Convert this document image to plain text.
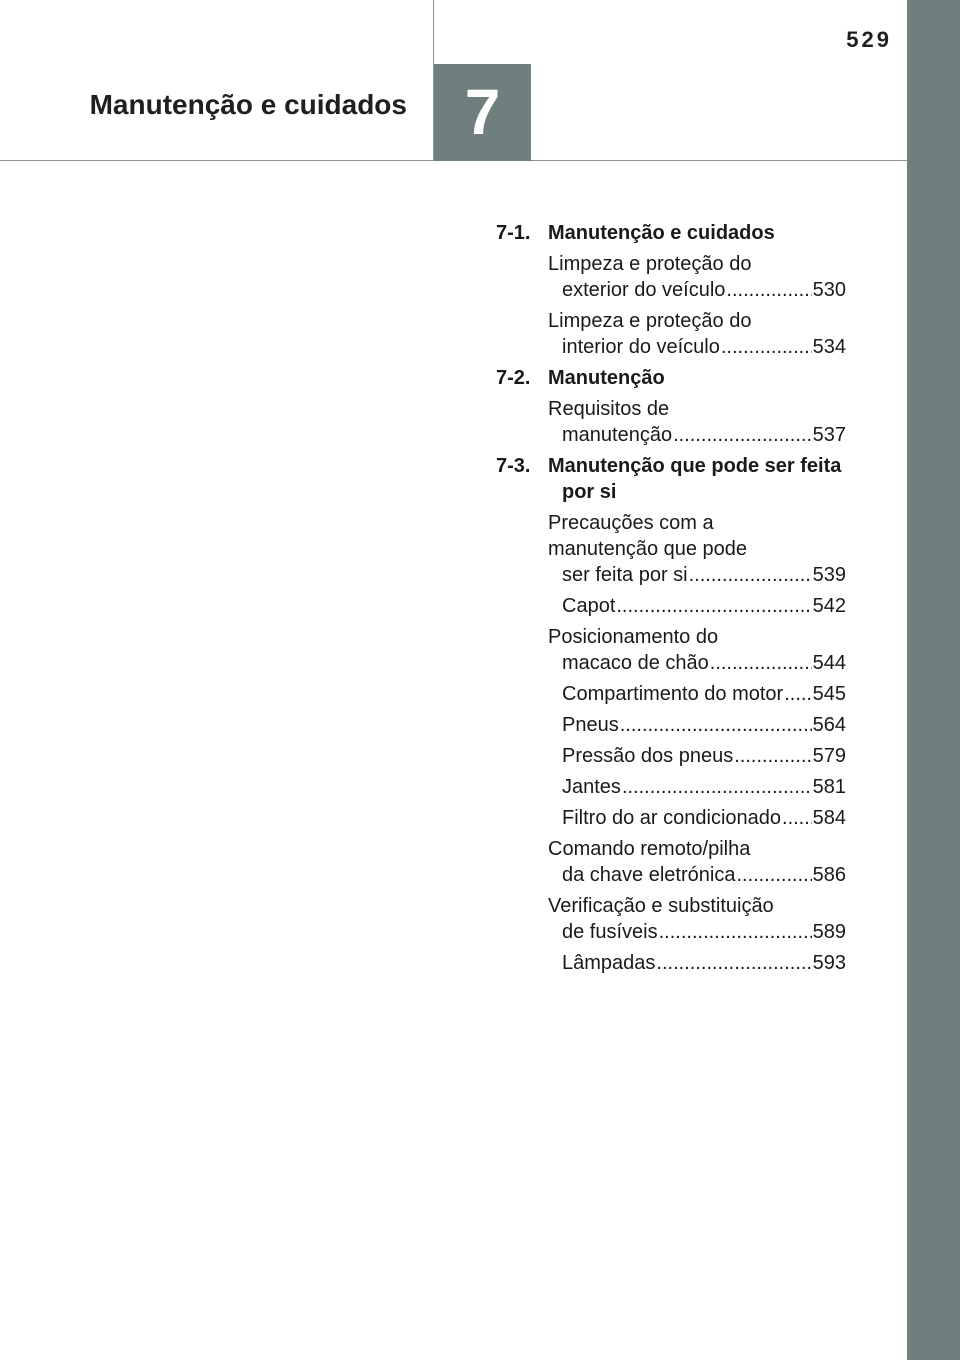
Manutenção e cuidados 7
529
7-1. Manutenção e cuidados
Limpeza e proteção do
exterior do veículo .....	530
Limpeza e proteção do
interior do veículo .....	534
7-2. Manutenção
Requisitos de
manutenção .....	537
7-3. Manutenção que pode ser feita por si
Precauções com a
manutenção que pode
ser feita por si .....	539
Capot .....	542
Posicionamento do
macaco de chão .....	544
Compartimento do motor ..... 545
Pneus .....	564
Pressão dos pneus .....	579
Jantes .....	581
Filtro do ar condicionado ..... 584
Comando remoto/pilha
da chave eletrónica .....	586
Verificação e substituição
de fusíveis .....	589
Lâmpadas .....	593
